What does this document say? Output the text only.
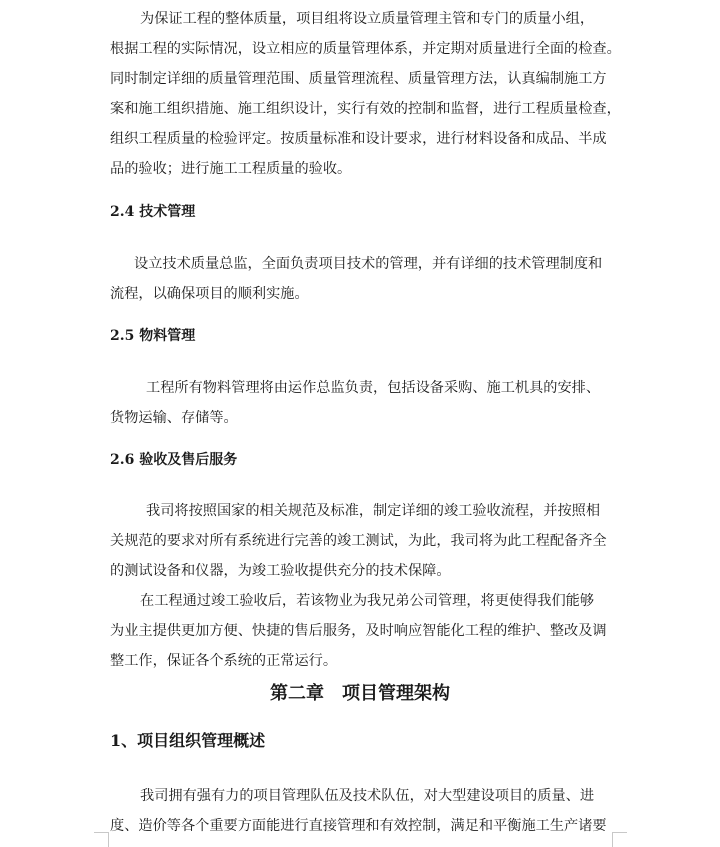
为保证工程的整体质量，项目组将设立质量管理主管和专门的质量小组，
根据工程的实际情况，设立相应的质量管理体系，并定期对质量进行全面的检查。
同时制定详细的质量管理范围、质量管理流程、质量管理方法，认真编制施工方
案和施工组织措施、施工组织设计，实行有效的控制和监督，进行工程质量检查，
组织工程质量的检验评定。按质量标准和设计要求，进行材料设备和成品、半成
品的验收；进行施工工程质量的验收。
2.4 技术管理
设立技术质量总监，全面负责项目技术的管理，并有详细的技术管理制度和
流程，以确保项目的顺利实施。
2.5 物料管理
工程所有物料管理将由运作总监负责，包括设备采购、施工机具的安排、
货物运输、存储等。
2.6 验收及售后服务
我司将按照国家的相关规范及标准，制定详细的竣工验收流程，并按照相
关规范的要求对所有系统进行完善的竣工测试，为此，我司将为此工程配备齐全
的测试设备和仪器，为竣工验收提供充分的技术保障。
在工程通过竣工验收后，若该物业为我兄弟公司管理，将更使得我们能够
为业主提供更加方便、快捷的售后服务，及时响应智能化工程的维护、整改及调
整工作，保证各个系统的正常运行。
第二章　项目管理架构
1、项目组织管理概述
我司拥有强有力的项目管理队伍及技术队伍，对大型建设项目的质量、进
度、造价等各个重要方面能进行直接管理和有效控制，满足和平衡施工生产诸要
